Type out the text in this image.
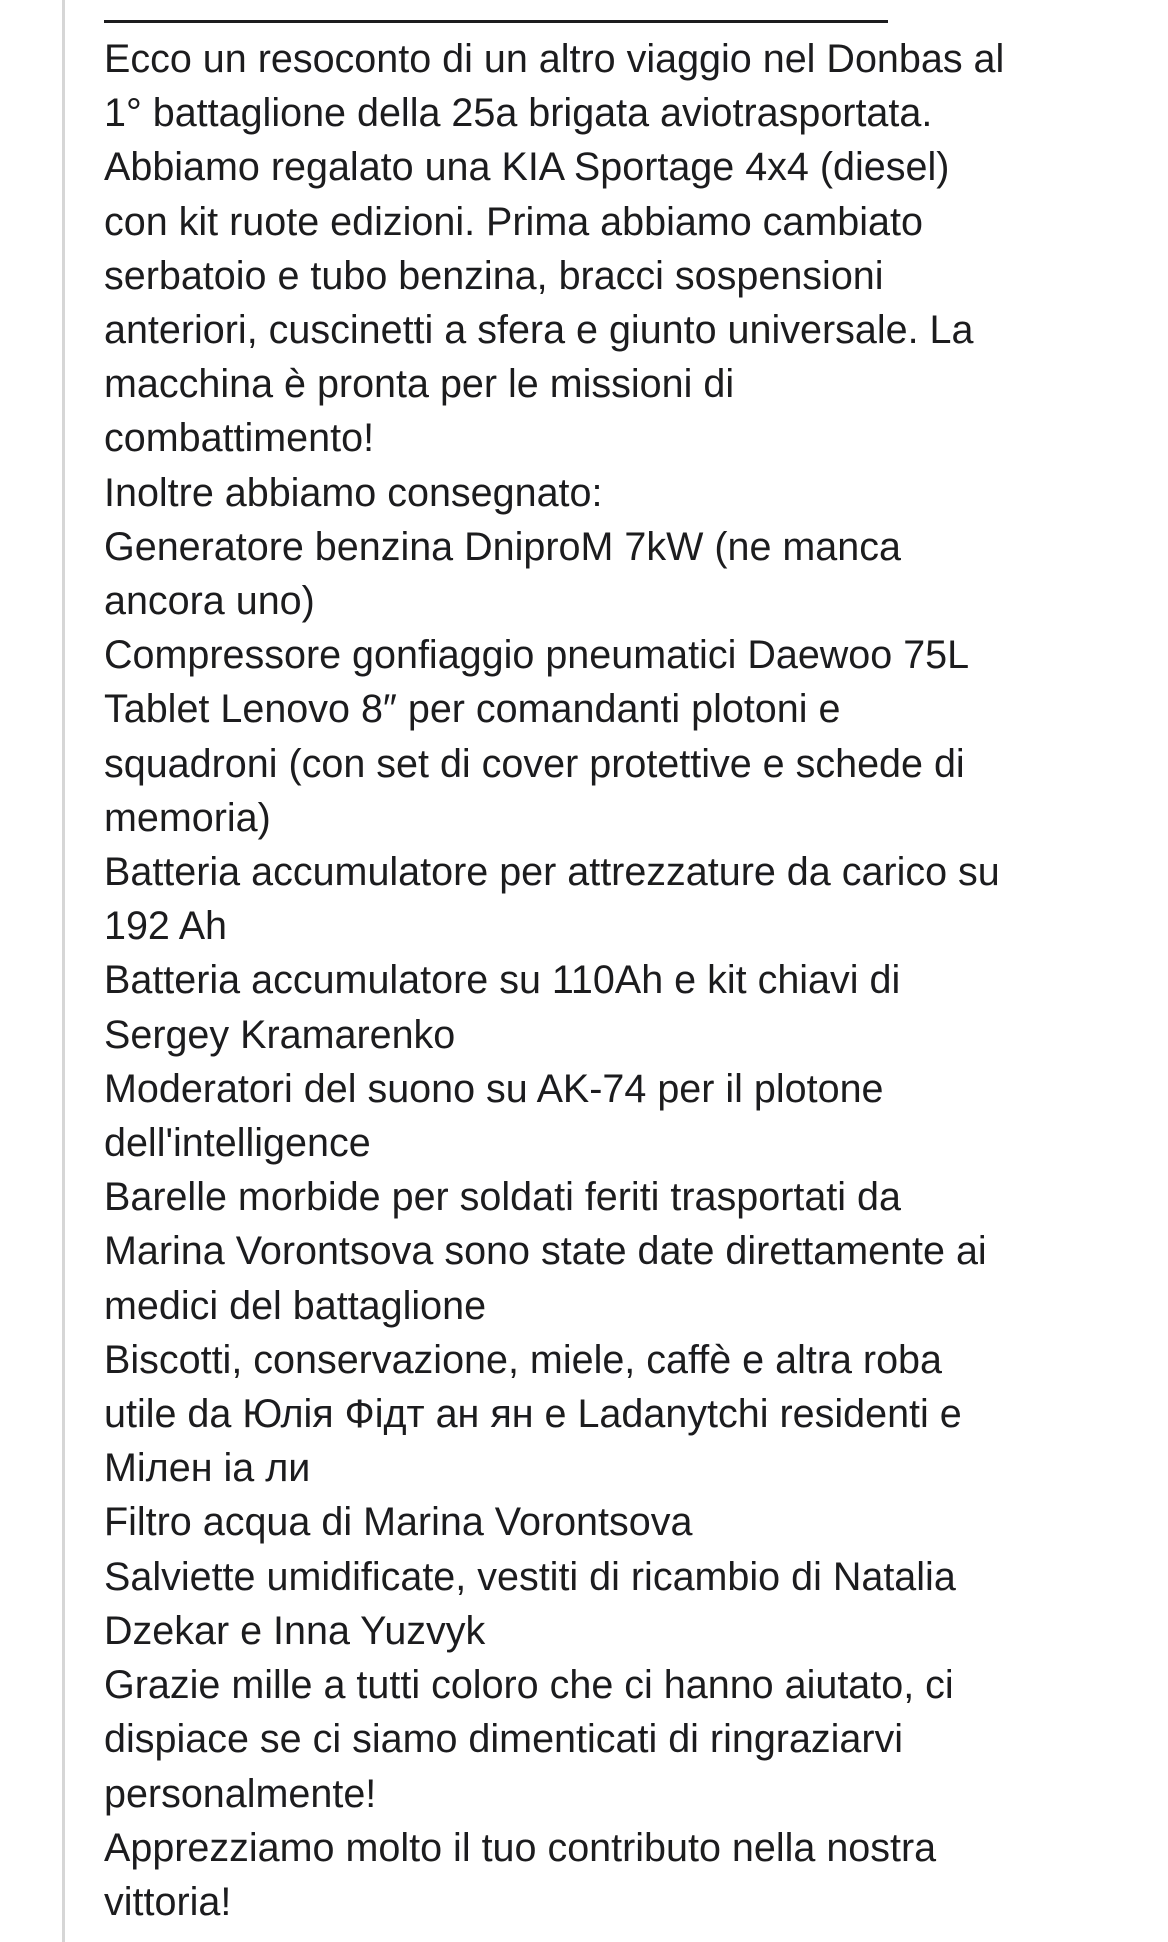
Ecco un resoconto di un altro viaggio nel Donbas al
1° battaglione della 25a brigata aviotrasportata.
Abbiamo regalato una KIA Sportage 4x4 (diesel)
con kit ruote edizioni. Prima abbiamo cambiato
serbatoio e tubo benzina, bracci sospensioni
anteriori, cuscinetti a sfera e giunto universale. La
macchina è pronta per le missioni di
combattimento!
Inoltre abbiamo consegnato:
Generatore benzina DniproM 7kW (ne manca
ancora uno)
Compressore gonfiaggio pneumatici Daewoo 75L
Tablet Lenovo 8″ per comandanti plotoni e
squadroni (con set di cover protettive e schede di
memoria)
Batteria accumulatore per attrezzature da carico su
192 Ah
Batteria accumulatore su 110Ah e kit chiavi di
Sergey Kramarenko
Moderatori del suono su AK-74 per il plotone
dell'intelligence
Barelle morbide per soldati feriti trasportati da
Marina Vorontsova sono state date direttamente ai
medici del battaglione
Biscotti, conservazione, miele, caffè e altra roba
utile da Юлія Фідт ан ян e Ladanytchi residenti e
Мілен іа ли
Filtro acqua di Marina Vorontsova
Salviette umidificate, vestiti di ricambio di Natalia
Dzekar e Inna Yuzvyk
Grazie mille a tutti coloro che ci hanno aiutato, ci
dispiace se ci siamo dimenticati di ringraziarvi
personalmente!
Apprezziamo molto il tuo contributo nella nostra
vittoria!
